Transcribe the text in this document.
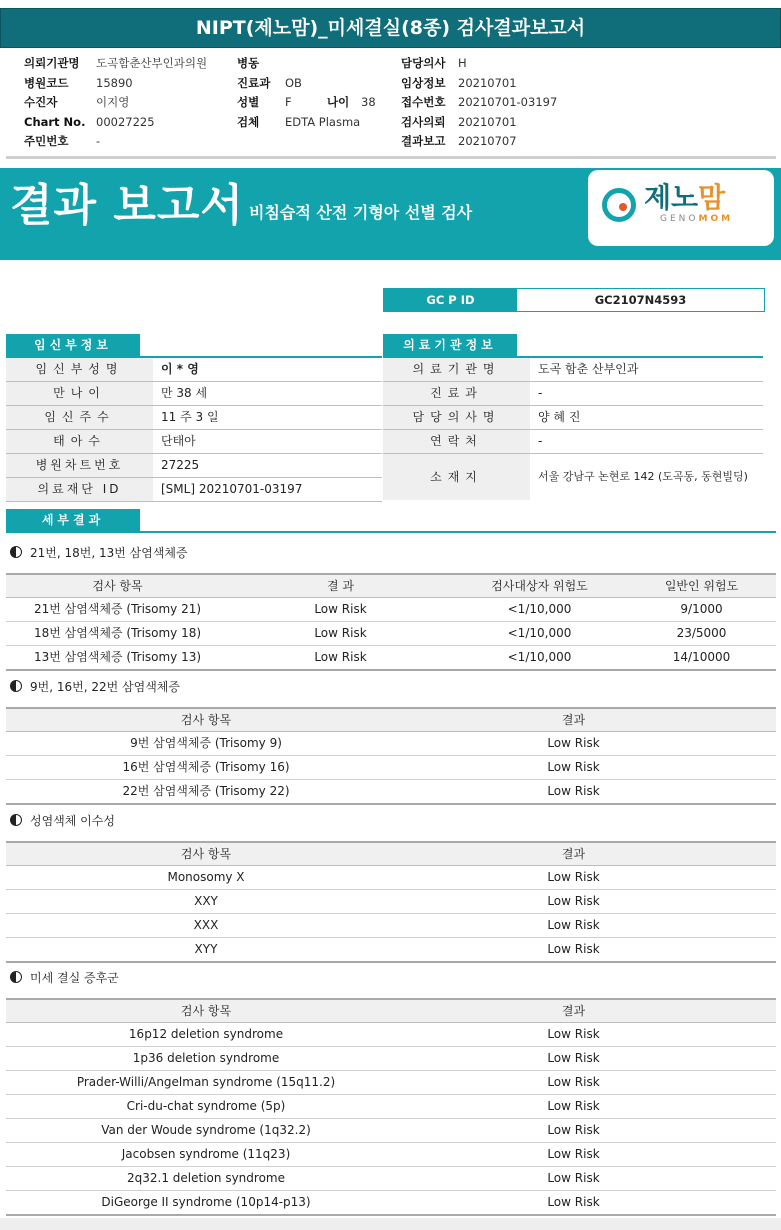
NIPT(제노맘)_미세결실(8종) 검사결과보고서
의뢰기관명	도곡함춘산부인과의원
병원코드	15890
수진자	이지영
Chart No. 00027225
주민번호	-
병동
진료과	OB
성별	F	나이	38
검체	EDTA Plasma
담당의사	H
임상정보	20210701
접수번호	20210701-03197
검사의뢰	20210701
결과보고	20210707
결과 보고서 비침습적 산전 기형아 선별 검사	제노맘
GENOMOM
GC P ID	GC2107N4593
임신부정보
임신부성명	이 * 영
만나이	만 38 세
임신주수	11 주 3 일
태아수	단태아
병원차트번호	27225
의료재단 ID	[SML] 20210701-03197
의료기관정보
의료기관명	도곡 함춘 산부인과
진료과	-
담당의사명	양 혜 진
연락처	-
소재지	서울 강남구 논현로 142 (도곡동, 동현빌딩)
세부결과
21번, 18번, 13번 삼염색체증
검사 항목	결 과	검사대상자 위험도	일반인 위험도
21번 삼염색체증 (Trisomy 21)	Low Risk	<1/10,000	9/1000
18번 삼염색체증 (Trisomy 18)	Low Risk	<1/10,000	23/5000
13번 삼염색체증 (Trisomy 13)	Low Risk	<1/10,000	14/10000
9번, 16번, 22번 삼염색체증
검사 항목	결과
9번 삼염색체증 (Trisomy 9)	Low Risk
16번 삼염색체증 (Trisomy 16)	Low Risk
22번 삼염색체증 (Trisomy 22)	Low Risk
성염색체 이수성
검사 항목	결과
Monosomy X	Low Risk
XXY	Low Risk
XXX	Low Risk
XYY	Low Risk
미세 결실 증후군
검사 항목	결과
16p12 deletion syndrome	Low Risk
1p36 deletion syndrome	Low Risk
Prader-Willi/Angelman syndrome (15q11.2)	Low Risk
Cri-du-chat syndrome (5p)	Low Risk
Van der Woude syndrome (1q32.2)	Low Risk
Jacobsen syndrome (11q23)	Low Risk
2q32.1 deletion syndrome	Low Risk
DiGeorge II syndrome (10p14-p13)	Low Risk
